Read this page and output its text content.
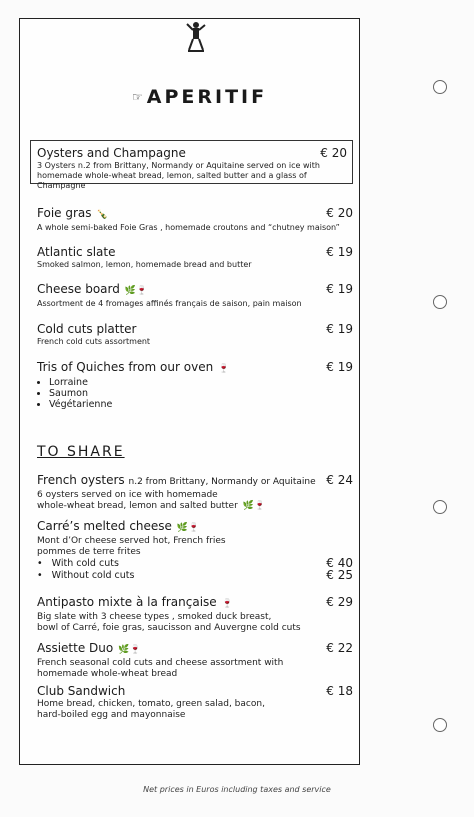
☞ APERITIF
Oysters and Champagne	€ 20
3 Oysters n.2 from Brittany, Normandy or Aquitaine served on ice with homemade whole-wheat bread, lemon, salted butter and a glass of Champagne
Foie gras 🍾	€ 20
A whole semi-baked Foie Gras , homemade croutons and “chutney maison”
Atlantic slate	€ 19
Smoked salmon, lemon, homemade bread and butter
Cheese board 🌿🍷	€ 19
Assortment de 4 fromages affinés français de saison, pain maison
Cold cuts platter	€ 19
French cold cuts assortment
Tris of Quiches from our oven 🍷	€ 19
• Lorraine
• Saumon
• Végétarienne
TO SHARE
French oysters n.2 from Brittany, Normandy or Aquitaine € 24
6 oysters served on ice with homemade
whole-wheat bread, lemon and salted butter 🌿🍷
Carré’s melted cheese 🌿🍷
Mont d’Or cheese served hot, French fries
pommes de terre frites
•   With cold cuts	€ 40
•   Without cold cuts	€ 25
Antipasto mixte à la française 🍷	€ 29
Big slate with 3 cheese types , smoked duck breast,
bowl of Carré, foie gras, saucisson and Auvergne cold cuts
Assiette Duo 🌿🍷	€ 22
French seasonal cold cuts and cheese assortment with
homemade whole-wheat bread
Club Sandwich	€ 18
Home bread, chicken, tomato, green salad, bacon,
hard-boiled egg and mayonnaise
Net prices in Euros including taxes and service
